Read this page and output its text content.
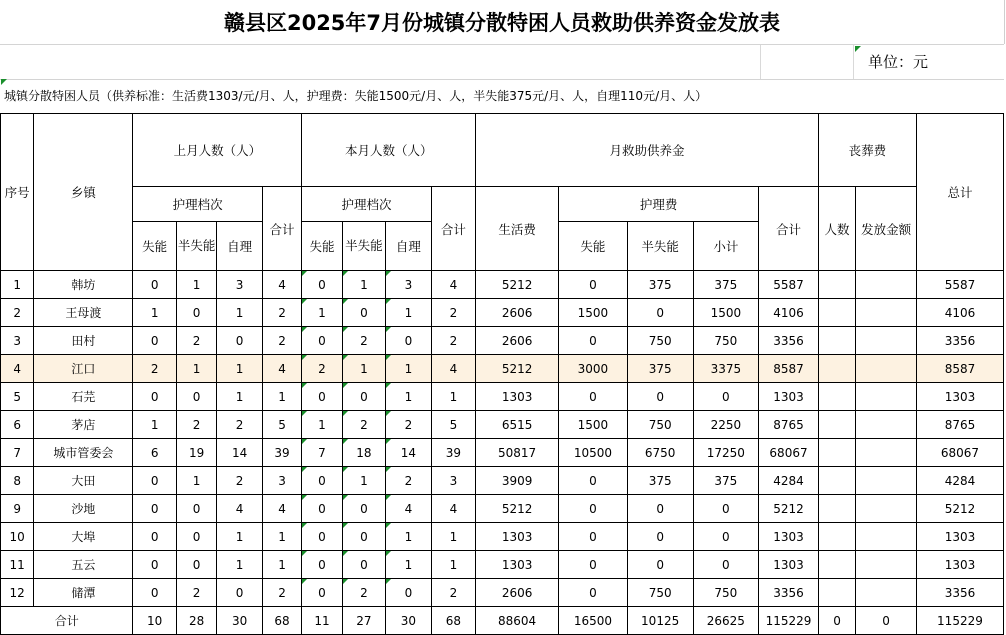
赣县区2025年7月份城镇分散特困人员救助供养资金发放表
单位：元
城镇分散特困人员（供养标准：生活费1303/元/月、人，护理费：失能1500元/月、人，半失能375元/月、人，自理110元/月、人）
序号	乡镇	上月人数（人）				本月人数（人）				月救助供养金					丧葬费		总计
		护理档次			合计	护理档次			合计	生活费	护理费			合计	人数	发放金额	
		失能	半失能	自理		失能	半失能	自理			失能	半失能	小计				
1	韩坊	0	1	3	4	0	1	3	4	5212	0	375	375	5587			5587
2	王母渡	1	0	1	2	1	0	1	2	2606	1500	0	1500	4106			4106
3	田村	0	2	0	2	0	2	0	2	2606	0	750	750	3356			3356
4	江口	2	1	1	4	2	1	1	4	5212	3000	375	3375	8587			8587
5	石芫	0	0	1	1	0	0	1	1	1303	0	0	0	1303			1303
6	茅店	1	2	2	5	1	2	2	5	6515	1500	750	2250	8765			8765
7	城市管委会	6	19	14	39	7	18	14	39	50817	10500	6750	17250	68067			68067
8	大田	0	1	2	3	0	1	2	3	3909	0	375	375	4284			4284
9	沙地	0	0	4	4	0	0	4	4	5212	0	0	0	5212			5212
10	大埠	0	0	1	1	0	0	1	1	1303	0	0	0	1303			1303
11	五云	0	0	1	1	0	0	1	1	1303	0	0	0	1303			1303
12	储潭	0	2	0	2	0	2	0	2	2606	0	750	750	3356			3356
合计		10	28	30	68	11	27	30	68	88604	16500	10125	26625	115229	0	0	115229
